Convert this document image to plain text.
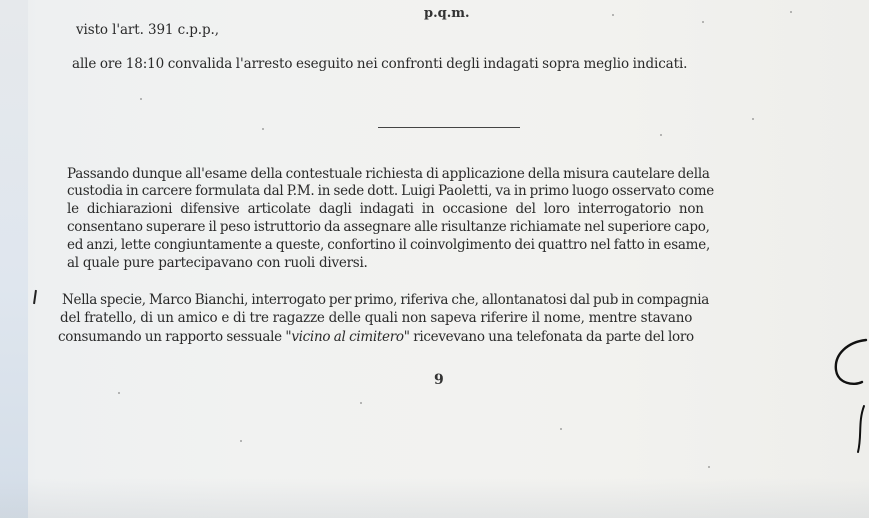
p.q.m.
visto l'art. 391 c.p.p.,
alle ore 18:10 convalida l'arresto eseguito nei confronti degli indagati sopra meglio indicati.
Passando dunque all'esame della contestuale richiesta di applicazione della misura cautelare della
custodia in carcere formulata dal P.M. in sede dott. Luigi Paoletti, va in primo luogo osservato come
le dichiarazioni difensive articolate dagli indagati in occasione del loro interrogatorio non
consentano superare il peso istruttorio da assegnare alle risultanze richiamate nel superiore capo,
ed anzi, lette congiuntamente a queste, confortino il coinvolgimento dei quattro nel fatto in esame,
al quale pure partecipavano con ruoli diversi.
Nella specie, Marco Bianchi, interrogato per primo, riferiva che, allontanatosi dal pub in compagnia
del fratello, di un amico e di tre ragazze delle quali non sapeva riferire il nome, mentre stavano
consumando un rapporto sessuale "vicino al cimitero" ricevevano una telefonata da parte del loro
9
